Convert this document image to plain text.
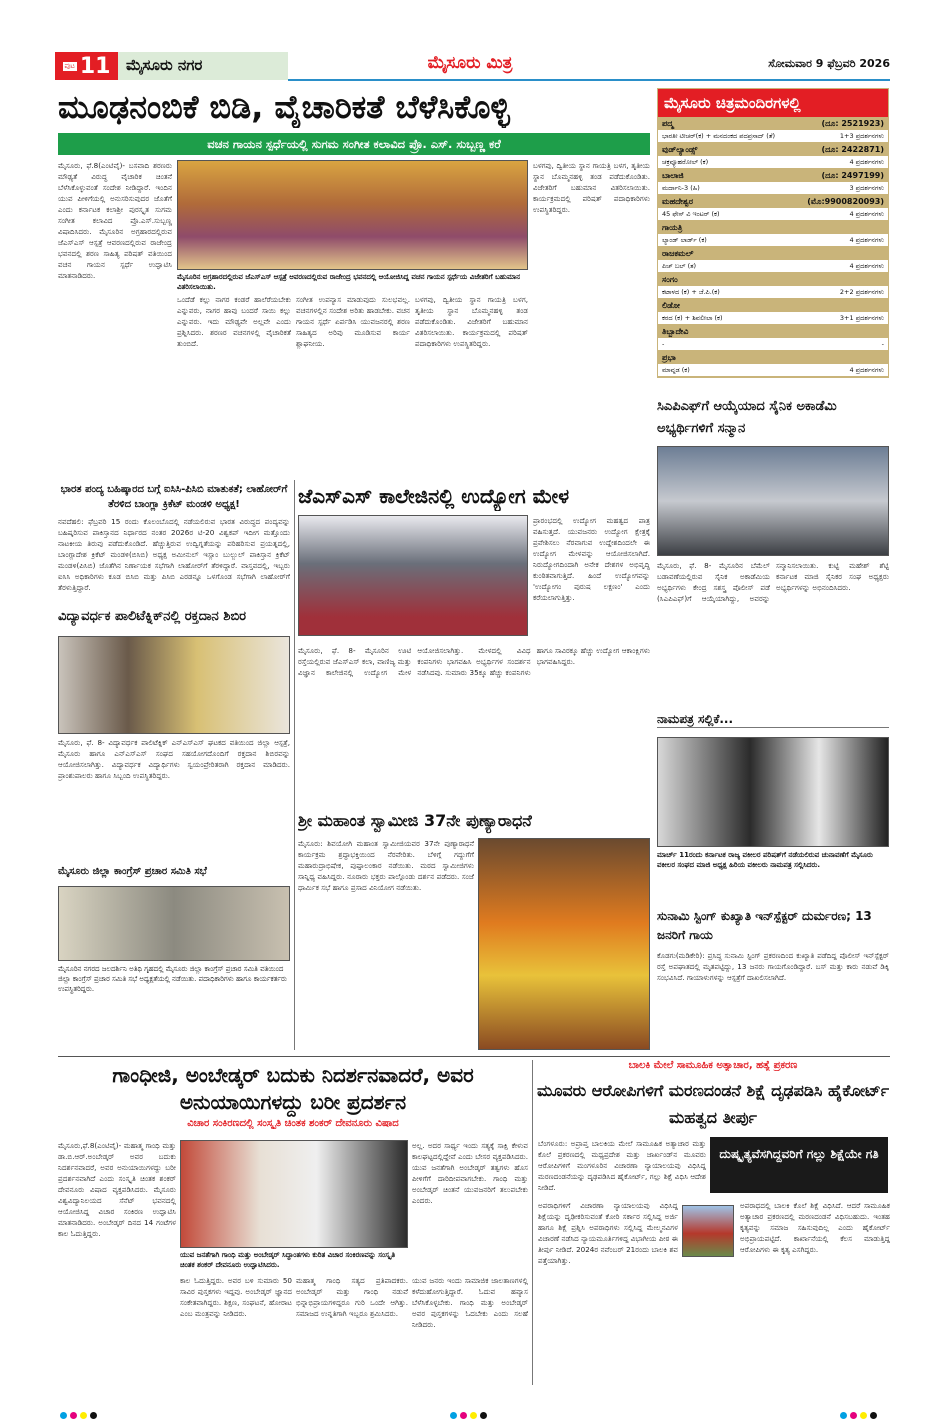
ಪುಟ 11	ಮೈಸೂರು ನಗರ	ಮೈಸೂರು ಮಿತ್ರ	ಸೋಮವಾರ 9 ಫೆಬ್ರವರಿ 2026
ಮೂಢನಂಬಿಕೆ ಬಿಡಿ, ವೈಚಾರಿಕತೆ ಬೆಳೆಸಿಕೊಳ್ಳಿ
ವಚನ ಗಾಯನ ಸ್ಪರ್ಧೆಯಲ್ಲಿ ಸುಗಮ ಸಂಗೀತ ಕಲಾವಿದ ಪ್ರೊ. ಎಸ್. ಸುಬ್ಬಣ್ಣ ಕರೆ
ಮೈಸೂರು, ಫೆ.8(ಎಂಟಿವೈ)- ಬಸವಾದಿ ಶರಣರು ಮೌಢ್ಯತೆ ವಿರುದ್ಧ ವೈಚಾರಿಕ ಚಿಂತನೆ ಬೆಳೆಸಿಕೊಳ್ಳುವಂತೆ ಸಂದೇಶ ನೀಡಿದ್ದಾರೆ. ಇಂದಿನ ಯುವ ಪೀಳಿಗೆಯಲ್ಲಿ ಅನುಸರಿಸುವುದರ ಜೊತೆಗೆ ಎಂದು ಕರ್ನಾಟಕ ಕಲಾಶ್ರೀ ಪುರಸ್ಕೃತ ಸುಗಮ ಸಂಗೀತ ಕಲಾವಿದ ಪ್ರೊ.ಎಸ್.ಸುಬ್ಬಣ್ಣ ವಿಷಾದಿಸಿದರು. ಮೈಸೂರಿನ ಅಗ್ರಹಾರದಲ್ಲಿರುವ ಜೆಎಸ್‌ಎಸ್ ಆಸ್ಪತ್ರೆ ಆವರಣದಲ್ಲಿರುವ ರಾಜೇಂದ್ರ ಭವನದಲ್ಲಿ ಶರಣ ಸಾಹಿತ್ಯ ಪರಿಷತ್ ವತಿಯಿಂದ ವಚನ ಗಾಯನ ಸ್ಪರ್ಧೆ ಉದ್ಘಾಟಿಸಿ ಮಾತನಾಡಿದರು.	ಮೈಸೂರಿನ ಅಗ್ರಹಾರದಲ್ಲಿರುವ ಜೆಎಸ್‌ಎಸ್ ಆಸ್ಪತ್ರೆ ಆವರಣದಲ್ಲಿರುವ ರಾಜೇಂದ್ರ ಭವನದಲ್ಲಿ ಆಯೋಜಿಸಿದ್ದ ವಚನ ಗಾಯನ ಸ್ಪರ್ಧೆಯ ವಿಜೇತರಿಗೆ ಬಹುಮಾನ ವಿತರಿಸಲಾಯಿತು.
ಒಂದೆಡೆ ಕಲ್ಲು ನಾಗರ ಕಂಡರೆ ಹಾಲೆರೆಯಬೇಕು ಎನ್ನುವರು, ನಾಗರ ಹಾವು ಬಂದರೆ ಸಾಯಿ ಕಲ್ಲು ಎನ್ನುವರು. ಇದು ಮೌಢ್ಯವೇ ಅಲ್ಲವೇ ಎಂದು ಪ್ರಶ್ನಿಸಿದರು. ಶರಣರ ವಚನಗಳಲ್ಲಿ ವೈಚಾರಿಕತೆ ತುಂಬಿದೆ.
ಸಂಗೀತ ಉಪನ್ಯಾಸ ಮಾಡುವುದು ಸುಲಭವಲ್ಲ. ವಚನಗಳಲ್ಲಿನ ಸಂದೇಶ ಅರಿತು ಹಾಡಬೇಕು. ವಚನ ಗಾಯನ ಸ್ಪರ್ಧೆ ಏರ್ಪಡಿಸಿ ಯುವಜನರಲ್ಲಿ ಶರಣ ಸಾಹಿತ್ಯದ ಅರಿವು ಮೂಡಿಸುವ ಕಾರ್ಯ ಶ್ಲಾಘನೀಯ.
ಬಳಗವು, ದ್ವಿತೀಯ ಸ್ಥಾನ ಗಾಯತ್ರಿ ಬಳಗ, ತೃತೀಯ ಸ್ಥಾನ ಬೊಮ್ಮನಹಳ್ಳಿ ತಂಡ ಪಡೆದುಕೊಂಡಿತು. ವಿಜೇತರಿಗೆ ಬಹುಮಾನ ವಿತರಿಸಲಾಯಿತು. ಕಾರ್ಯಕ್ರಮದಲ್ಲಿ ಪರಿಷತ್ ಪದಾಧಿಕಾರಿಗಳು ಉಪಸ್ಥಿತರಿದ್ದರು.
ಬಳಗವು, ದ್ವಿತೀಯ ಸ್ಥಾನ ಗಾಯತ್ರಿ ಬಳಗ, ತೃತೀಯ ಸ್ಥಾನ ಬೊಮ್ಮನಹಳ್ಳಿ ತಂಡ ಪಡೆದುಕೊಂಡಿತು. ವಿಜೇತರಿಗೆ ಬಹುಮಾನ ವಿತರಿಸಲಾಯಿತು. ಕಾರ್ಯಕ್ರಮದಲ್ಲಿ ಪರಿಷತ್ ಪದಾಧಿಕಾರಿಗಳು ಉಪಸ್ಥಿತರಿದ್ದರು.
ಮೈಸೂರು ಚಿತ್ರಮಂದಿರಗಳಲ್ಲಿ
ಪದ್ಮ	(ದೂ: 2521923)
ಭಾರತೀ ಟೀಚರ್(ಕ) + ಮನದಂಕದ ಪದಪ್ರಸಾದ್ (ತೆ)	1+3 ಪ್ರದರ್ಶನಗಳು
ವುಡ್‌ಲ್ಯಾಂಡ್ಸ್	(ದೂ: 2422871)
ಚಕ್ರವ್ಯೂಹರೋಲ್ (ಕ)	4 ಪ್ರದರ್ಶನಗಳು
ಬಾಲಾಜಿ	(ದೂ: 2497199)
ಮರ್ದಾನಿ-3 (ಹಿ)	3 ಪ್ರದರ್ಶನಗಳು
ಮಹದೇಶ್ವರ	(ಮೊ:9900820093)
45 ಫೇಸ್ ವಿ ಇಂಟರ್ (ಕ)	4 ಪ್ರದರ್ಶನಗಳು
ಗಾಯತ್ರಿ
ಲ್ಯಾಂಡ್ ಲಾರ್ಡ್ (ಕ)	4 ಪ್ರದರ್ಶನಗಳು
ರಾಜಕಮಲ್
ಪಿಚ್ ಬಲ್ (ತ)	4 ಪ್ರದರ್ಶನಗಳು
ಸಂಗಂ
ಕಟಾಳದ (ಕ) + ಜೆ.ಪಿ.(ಕ)	2+2 ಪ್ರದರ್ಶನಗಳು
ಲಿಡೋ
ಕರದ (ಕ) + ಶಿವಲೀಲಾ (ಕ)	3+1 ಪ್ರದರ್ಶನಗಳು
ತಿಬ್ಬಾದೇವಿ
-	-
ಪ್ರಭಾ
ಮಾವ್ನಡ (ಕ)	4 ಪ್ರದರ್ಶನಗಳು
ಸಿಎಪಿಎಫ್‌ಗೆ ಆಯ್ಕೆಯಾದ ಸೈನಿಕ ಅಕಾಡೆಮಿ ಅಭ್ಯರ್ಥಿಗಳಿಗೆ ಸನ್ಮಾನ
ಮೈಸೂರು, ಫೆ. 8- ಮೈಸೂರಿನ ಬೆಮೆಲ್ ಬಡಾವಣೆಯಲ್ಲಿರುವ ಸೈನಿಕ ಅಕಾಡೆಮಿಯ ಅಭ್ಯರ್ಥಿಗಳು ಕೇಂದ್ರ ಸಶಸ್ತ್ರ ಪೊಲೀಸ್ ಪಡೆ (ಸಿಎಪಿಎಫ್)ಗೆ ಆಯ್ಕೆಯಾಗಿದ್ದು, ಅವರನ್ನು ಸನ್ಮಾನಿಸಲಾಯಿತು. ಕುಟ್ಟಿ ಮಹೇಶ್ ಶೆಟ್ಟಿ ಕರ್ನಾಟಕ ಮಾಜಿ ಸೈನಿಕರ ಸಂಘ ಅಧ್ಯಕ್ಷರು ಅಭ್ಯರ್ಥಿಗಳನ್ನು ಅಭಿನಂದಿಸಿದರು.
ನಾಮಪತ್ರ ಸಲ್ಲಿಕೆ...
ಮಾರ್ಚ್ 11ರಂದು ಕರ್ನಾಟಕ ರಾಜ್ಯ ವಕೀಲರ ಪರಿಷತ್‌ಗೆ ನಡೆಯಲಿರುವ ಚುನಾವಣೆಗೆ ಮೈಸೂರು ವಕೀಲರ ಸಂಘದ ಮಾಜಿ ಅಧ್ಯಕ್ಷ ಹಿರಿಯ ವಕೀಲರು ನಾಮಪತ್ರ ಸಲ್ಲಿಸಿದರು.
ಸುನಾಮಿ ಸ್ಟಿಂಗ್ ಕುಖ್ಯಾತಿ ಇನ್‌ಸ್ಪೆಕ್ಟರ್ ದುರ್ಮರಣ; 13 ಜನರಿಗೆ ಗಾಯ
ಕೊಡಗು(ಮಡಿಕೇರಿ): ಪ್ರಸಿದ್ಧ ಸುನಾಮಿ ಸ್ಟಿಂಗ್ ಪ್ರಕರಣದಿಂದ ಕುಖ್ಯಾತಿ ಪಡೆದಿದ್ದ ಪೊಲೀಸ್ ಇನ್‌ಸ್ಪೆಕ್ಟರ್ ರಸ್ತೆ ಅಪಘಾತದಲ್ಲಿ ಮೃತಪಟ್ಟಿದ್ದು, 13 ಜನರು ಗಾಯಗೊಂಡಿದ್ದಾರೆ. ಬಸ್ ಮತ್ತು ಕಾರು ನಡುವೆ ಡಿಕ್ಕಿ ಸಂಭವಿಸಿದೆ. ಗಾಯಾಳುಗಳನ್ನು ಆಸ್ಪತ್ರೆಗೆ ದಾಖಲಿಸಲಾಗಿದೆ.
ಭಾರತ ಪಂದ್ಯ ಬಹಿಷ್ಕಾರದ ಬಗ್ಗೆ ಐಸಿಸಿ-ಪಿಸಿಬಿ ಮಾತುಕತೆ; ಲಾಹೋರ್‌ಗೆ ತೆರಳಿದ ಬಾಂಗ್ಲಾ ಕ್ರಿಕೆಟ್ ಮಂಡಳಿ ಅಧ್ಯಕ್ಷ!
ನವದೆಹಲಿ: ಫೆಬ್ರವರಿ 15 ರಂದು ಕೊಲಂಬೊದಲ್ಲಿ ನಡೆಯಲಿರುವ ಭಾರತ ವಿರುದ್ಧದ ಪಂದ್ಯವನ್ನು ಬಹಿಷ್ಕರಿಸುವ ಪಾಕಿಸ್ತಾನದ ನಿರ್ಧಾರದ ನಂತರ 2026ರ ಟಿ-20 ವಿಶ್ವಕಪ್ ಇದೀಗ ಮತ್ತೊಂದು ನಾಟಕೀಯ ತಿರುವು ಪಡೆದುಕೊಂಡಿದೆ. ಹೆಚ್ಚುತ್ತಿರುವ ಉದ್ವಿಗ್ನತೆಯನ್ನು ಪರಿಹರಿಸುವ ಪ್ರಯತ್ನದಲ್ಲಿ, ಬಾಂಗ್ಲಾದೇಶ ಕ್ರಿಕೆಟ್ ಮಂಡಳಿ(ಬಿಸಿಬಿ) ಅಧ್ಯಕ್ಷ ಅಮೀನುಲ್ ಇಸ್ಲಾಂ ಬುಲ್ಬುಲ್ ಪಾಕಿಸ್ತಾನ ಕ್ರಿಕೆಟ್ ಮಂಡಳಿ(ಪಿಸಿಬಿ) ಜೊತೆಗಿನ ನಿರ್ಣಾಯಕ ಸಭೆಗಾಗಿ ಲಾಹೋರ್‌ಗೆ ತೆರಳಿದ್ದಾರೆ. ವಾಸ್ತವದಲ್ಲಿ, ಇಬ್ಬರು ಐಸಿಸಿ ಅಧಿಕಾರಿಗಳು ಕೂಡ ಬಿಸಿಬಿ ಮತ್ತು ಪಿಸಿಬಿ ಎರಡನ್ನೂ ಒಳಗೊಂಡ ಸಭೆಗಾಗಿ ಲಾಹೋರ್‌ಗೆ ತೆರಳುತ್ತಿದ್ದಾರೆ.
ವಿದ್ಯಾವರ್ಧಕ ಪಾಲಿಟೆಕ್ನಿಕ್‌ನಲ್ಲಿ ರಕ್ತದಾನ ಶಿಬಿರ
ಮೈಸೂರು, ಫೆ. 8- ವಿದ್ಯಾವರ್ಧಕ ಪಾಲಿಟೆಕ್ನಿಕ್ ಎನ್‌ಎಸ್‌ಎಸ್ ಘಟಕದ ವತಿಯಿಂದ ಜಿಲ್ಲಾ ಆಸ್ಪತ್ರೆ, ಮೈಸೂರು ಹಾಗೂ ಎನ್‌ಎಸ್‌ಎಸ್ ಸಂಘದ ಸಹಯೋಗದೊಂದಿಗೆ ರಕ್ತದಾನ ಶಿಬಿರವನ್ನು ಆಯೋಜಿಸಲಾಗಿತ್ತು. ವಿದ್ಯಾವರ್ಧಕ ವಿದ್ಯಾರ್ಥಿಗಳು ಸ್ವಯಂಪ್ರೇರಿತರಾಗಿ ರಕ್ತದಾನ ಮಾಡಿದರು. ಪ್ರಾಂಶುಪಾಲರು ಹಾಗೂ ಸಿಬ್ಬಂದಿ ಉಪಸ್ಥಿತರಿದ್ದರು.
ಮೈಸೂರು ಜಿಲ್ಲಾ ಕಾಂಗ್ರೆಸ್ ಪ್ರಚಾರ ಸಮಿತಿ ಸಭೆ
ಮೈಸೂರಿನ ನಗರದ ಜಲದರ್ಶಿನಿ ಅತಿಥಿ ಗೃಹದಲ್ಲಿ ಮೈಸೂರು ಜಿಲ್ಲಾ ಕಾಂಗ್ರೆಸ್ ಪ್ರಚಾರ ಸಮಿತಿ ವತಿಯಿಂದ ಜಿಲ್ಲಾ ಕಾಂಗ್ರೆಸ್ ಪ್ರಚಾರ ಸಮಿತಿ ಸಭೆ ಅಧ್ಯಕ್ಷತೆಯಲ್ಲಿ ನಡೆಯಿತು. ಪದಾಧಿಕಾರಿಗಳು ಹಾಗೂ ಕಾರ್ಯಕರ್ತರು ಉಪಸ್ಥಿತರಿದ್ದರು.
ಜೆಎಸ್‌ಎಸ್ ಕಾಲೇಜಿನಲ್ಲಿ ಉದ್ಯೋಗ ಮೇಳ
ಪ್ರಾರಂಭದಲ್ಲಿ ಉದ್ಯೋಗ ಮಹತ್ವದ ಪಾತ್ರ ವಹಿಸುತ್ತದೆ. ಯುವಜನರು ಉದ್ಯೋಗ ಕ್ಷೇತ್ರಕ್ಕೆ ಪ್ರವೇಶಿಸಲು ನೆರವಾಗುವ ಉದ್ದೇಶದಿಂದಲೇ ಈ ಉದ್ಯೋಗ ಮೇಳವನ್ನು ಆಯೋಜಿಸಲಾಗಿದೆ. ನಿರುದ್ಯೋಗದಿಂದಾಗಿ ಅನೇಕ ದೇಶಗಳ ಅಭಿವೃದ್ಧಿ ಕುಂಠಿತವಾಗುತ್ತಿದೆ. ಹಿಂದೆ ಉದ್ಯೋಗವನ್ನು 'ಉದ್ಯೋಗಂ ಪುರುಷ ಲಕ್ಷಣಂ' ಎಂದು ಕರೆಯಲಾಗುತ್ತಿತ್ತು.
ಮೈಸೂರು, ಫೆ. 8- ಮೈಸೂರಿನ ಊಟಿ ರಸ್ತೆಯಲ್ಲಿರುವ ಜೆಎಸ್‌ಎಸ್ ಕಲಾ, ವಾಣಿಜ್ಯ ಮತ್ತು ವಿಜ್ಞಾನ ಕಾಲೇಜಿನಲ್ಲಿ ಉದ್ಯೋಗ ಮೇಳ ಆಯೋಜಿಸಲಾಗಿತ್ತು. ಮೇಳದಲ್ಲಿ ವಿವಿಧ ಕಂಪನಿಗಳು ಭಾಗವಹಿಸಿ ಅಭ್ಯರ್ಥಿಗಳ ಸಂದರ್ಶನ ನಡೆಸಿದವು. ಸುಮಾರು 35ಕ್ಕೂ ಹೆಚ್ಚು ಕಂಪನಿಗಳು ಹಾಗೂ ಸಾವಿರಕ್ಕೂ ಹೆಚ್ಚು ಉದ್ಯೋಗ ಆಕಾಂಕ್ಷಿಗಳು ಭಾಗವಹಿಸಿದ್ದರು.
ಶ್ರೀ ಮಹಾಂತ ಸ್ವಾಮೀಜಿ 37ನೇ ಪುಣ್ಯಾರಾಧನೆ
ಮೈಸೂರು: ಶಿವಯೋಗಿ ಮಹಾಂತ ಸ್ವಾಮೀಜಿಯವರ 37ನೇ ಪುಣ್ಯಾರಾಧನೆ ಕಾರ್ಯಕ್ರಮ ಶ್ರದ್ಧಾಭಕ್ತಿಯಿಂದ ನೆರವೇರಿತು. ಬೆಳಿಗ್ಗೆ ಗದ್ದುಗೆಗೆ ಮಹಾರುದ್ರಾಭಿಷೇಕ, ಪುಷ್ಪಾಲಂಕಾರ ನಡೆಯಿತು. ಮಠದ ಸ್ವಾಮೀಜಿಗಳು ಸಾನ್ನಿಧ್ಯ ವಹಿಸಿದ್ದರು. ನೂರಾರು ಭಕ್ತರು ಪಾಲ್ಗೊಂಡು ದರ್ಶನ ಪಡೆದರು. ಸಂಜೆ ಧಾರ್ಮಿಕ ಸಭೆ ಹಾಗೂ ಪ್ರಸಾದ ವಿನಿಯೋಗ ನಡೆಯಿತು.
ಗಾಂಧೀಜಿ, ಅಂಬೇಡ್ಕರ್ ಬದುಕು ನಿದರ್ಶನವಾದರೆ, ಅವರ ಅನುಯಾಯಿಗಳದ್ದು ಬರೀ ಪ್ರದರ್ಶನ
ವಿಚಾರ ಸಂಕಿರಣದಲ್ಲಿ ಸಂಸ್ಕೃತಿ ಚಿಂತಕ ಶಂಕರ್ ದೇವನೂರು ವಿಷಾದ
ಮೈಸೂರು,ಫೆ.8(ಎಂಟಿವೈ)- ಮಹಾತ್ಮ ಗಾಂಧಿ ಮತ್ತು ಡಾ.ಬಿ.ಆರ್.ಅಂಬೇಡ್ಕರ್ ಅವರ ಬದುಕು ನಿದರ್ಶನವಾದರೆ, ಅವರ ಅನುಯಾಯಿಗಳದ್ದು ಬರೀ ಪ್ರದರ್ಶನವಾಗಿದೆ ಎಂದು ಸಂಸ್ಕೃತಿ ಚಿಂತಕ ಶಂಕರ್ ದೇವನೂರು ವಿಷಾದ ವ್ಯಕ್ತಪಡಿಸಿದರು. ಮೈಸೂರು ವಿಶ್ವವಿದ್ಯಾನಿಲಯದ ಸೆನೆಟ್ ಭವನದಲ್ಲಿ ಆಯೋಜಿಸಿದ್ದ ವಿಚಾರ ಸಂಕಿರಣ ಉದ್ಘಾಟಿಸಿ ಮಾತನಾಡಿದರು. ಅಂಬೇಡ್ಕರ್ ದಿನದ 14 ಗಂಟೆಗಳ ಕಾಲ ಓದುತ್ತಿದ್ದರು.
ಯುವ ಜನತೆಗಾಗಿ ಗಾಂಧಿ ಮತ್ತು ಅಂಬೇಡ್ಕರ್ ಸಿದ್ಧಾಂತಗಳು ಕುರಿತ ವಿಚಾರ ಸಂಕಿರಣವನ್ನು ಸಂಸ್ಕೃತಿ ಚಿಂತಕ ಶಂಕರ್ ದೇವನೂರು ಉದ್ಘಾಟಿಸಿದರು.
ಅಲ್ಲ. ಅದರ ಸಾರ್ಥ್ಯ ಇಂದು ಸತ್ಯಕ್ಕೆ ಸಾಕ್ಷಿ ಕೇಳುವ ಕಾಲಘಟ್ಟದಲ್ಲಿದ್ದೇವೆ ಎಂದು ಬೇಸರ ವ್ಯಕ್ತಪಡಿಸಿದರು. ಯುವ ಜನತೆಗಾಗಿ ಅಂಬೇಡ್ಕರ್ ತತ್ವಗಳು ಹೊಸ ಪೀಳಿಗೆಗೆ ದಾರಿದೀಪವಾಗಬೇಕು. ಗಾಂಧಿ ಮತ್ತು ಅಂಬೇಡ್ಕರ್ ಚಿಂತನೆ ಯುವಜನರಿಗೆ ತಲುಪಬೇಕು ಎಂದರು.
ಕಾಲ ಓದುತ್ತಿದ್ದರು. ಅವರ ಬಳಿ ಸುಮಾರು 50 ಸಾವಿರ ಪುಸ್ತಕಗಳು ಇದ್ದವು. ಅಂಬೇಡ್ಕರ್ ಜ್ಞಾನದ ಸಂಕೇತವಾಗಿದ್ದರು. ಶಿಕ್ಷಣ, ಸಂಘಟನೆ, ಹೋರಾಟ ಎಂಬ ಮಂತ್ರವನ್ನು ನೀಡಿದರು.
ಮಹಾತ್ಮ ಗಾಂಧಿ ಸತ್ಯದ ಪ್ರತಿಪಾದಕರು. ಅಂಬೇಡ್ಕರ್ ಮತ್ತು ಗಾಂಧಿ ನಡುವೆ ಭಿನ್ನಾಭಿಪ್ರಾಯಗಳಿದ್ದರೂ ಗುರಿ ಒಂದೇ ಆಗಿತ್ತು. ಸಮಾಜದ ಉನ್ನತಿಗಾಗಿ ಇಬ್ಬರೂ ಶ್ರಮಿಸಿದರು.
ಯುವ ಜನರು ಇಂದು ಸಾಮಾಜಿಕ ಜಾಲತಾಣಗಳಲ್ಲಿ ಕಳೆದುಹೋಗುತ್ತಿದ್ದಾರೆ. ಓದುವ ಹವ್ಯಾಸ ಬೆಳೆಸಿಕೊಳ್ಳಬೇಕು. ಗಾಂಧಿ ಮತ್ತು ಅಂಬೇಡ್ಕರ್ ಅವರ ಪುಸ್ತಕಗಳನ್ನು ಓದಬೇಕು ಎಂದು ಸಲಹೆ ನೀಡಿದರು.
ಬಾಲಕಿ ಮೇಲೆ ಸಾಮೂಹಿಕ ಅತ್ಯಾಚಾರ, ಹತ್ಯೆ ಪ್ರಕರಣ
ಮೂವರು ಆರೋಪಿಗಳಿಗೆ ಮರಣದಂಡನೆ ಶಿಕ್ಷೆ ದೃಢಪಡಿಸಿ ಹೈಕೋರ್ಟ್ ಮಹತ್ವದ ತೀರ್ಪು
ಬೆಂಗಳೂರು: ಅಪ್ರಾಪ್ತ ಬಾಲಕಿಯ ಮೇಲೆ ಸಾಮೂಹಿಕ ಅತ್ಯಾಚಾರ ಮತ್ತು ಕೊಲೆ ಪ್ರಕರಣದಲ್ಲಿ ಮಧ್ಯಪ್ರದೇಶ ಮತ್ತು ಜಾರ್ಖಂಡ್‌ನ ಮೂವರು ಆರೋಪಿಗಳಿಗೆ ಮಂಗಳೂರಿನ ವಿಚಾರಣಾ ನ್ಯಾಯಾಲಯವು ವಿಧಿಸಿದ್ದ ಮರಣದಂಡನೆಯನ್ನು ದೃಢಪಡಿಸಿದ ಹೈಕೋರ್ಟ್, ಗಲ್ಲು ಶಿಕ್ಷೆ ವಿಧಿಸಿ ಆದೇಶ ನೀಡಿದೆ.
ದುಷ್ಕೃತ್ಯವೆಸಗಿದ್ದವರಿಗೆ ಗಲ್ಲು ಶಿಕ್ಷೆಯೇ ಗತಿ
ಅಪರಾಧಿಗಳಿಗೆ ವಿಚಾರಣಾ ನ್ಯಾಯಾಲಯವು ವಿಧಿಸಿದ್ದ ಶಿಕ್ಷೆಯನ್ನು ದೃಢೀಕರಿಸುವಂತೆ ಕೋರಿ ಸರ್ಕಾರ ಸಲ್ಲಿಸಿದ್ದ ಅರ್ಜಿ ಹಾಗೂ ಶಿಕ್ಷೆ ಪ್ರಶ್ನಿಸಿ ಅಪರಾಧಿಗಳು ಸಲ್ಲಿಸಿದ್ದ ಮೇಲ್ಮನವಿಗಳ ವಿಚಾರಣೆ ನಡೆಸಿದ ನ್ಯಾಯಮೂರ್ತಿಗಳಿದ್ದ ವಿಭಾಗೀಯ ಪೀಠ ಈ ತೀರ್ಪು ನೀಡಿದೆ. 2024ರ ನವೆಂಬರ್ 21ರಂದು ಬಾಲಕಿ ಶವ ಪತ್ತೆಯಾಗಿತ್ತು.
ಅಪರಾಧದಲ್ಲಿ ಬಾಲಕಿ ಕೊಲೆ ಶಿಕ್ಷೆ ವಿಧಿಸಿದೆ. ಆದರೆ ಸಾಮೂಹಿಕ ಅತ್ಯಾಚಾರ ಪ್ರಕರಣದಲ್ಲಿ ಮರಣದಂಡನೆ ವಿಧಿಸಬಹುದು. ಇಂತಹ ಕೃತ್ಯವನ್ನು ಸಮಾಜ ಸಹಿಸುವುದಿಲ್ಲ ಎಂದು ಹೈಕೋರ್ಟ್ ಅಭಿಪ್ರಾಯಪಟ್ಟಿದೆ. ಕಾರ್ಖಾನೆಯಲ್ಲಿ ಕೆಲಸ ಮಾಡುತ್ತಿದ್ದ ಆರೋಪಿಗಳು ಈ ಕೃತ್ಯ ಎಸಗಿದ್ದರು.
